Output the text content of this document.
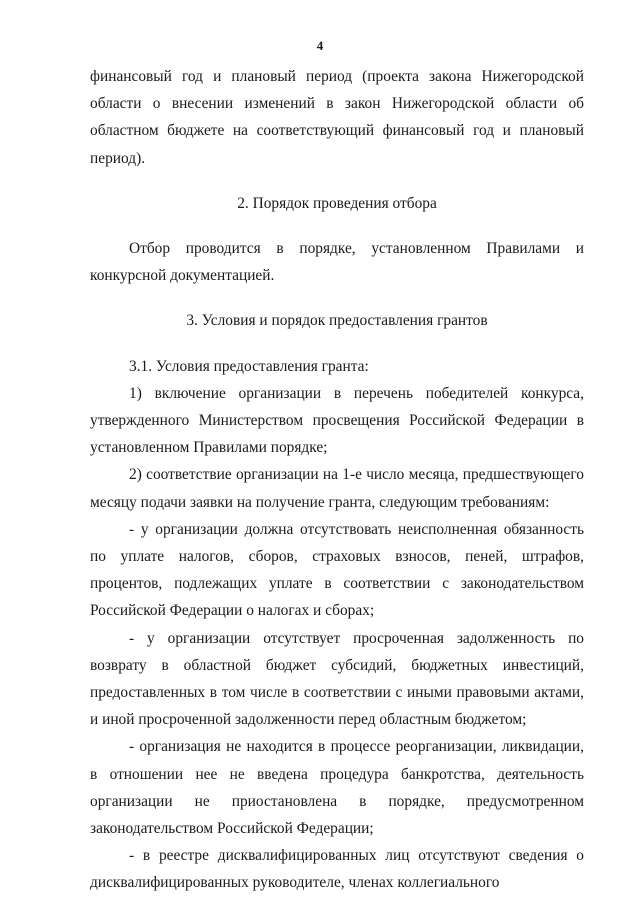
4

финансовый год и плановый период (проекта закона Нижегородской области о внесении изменений в закон Нижегородской области об областном бюджете на соответствующий финансовый год и плановый период).

2. Порядок проведения отбора

Отбор проводится в порядке, установленном Правилами и конкурсной документацией.

3. Условия и порядок предоставления грантов

3.1. Условия предоставления гранта:

1) включение организации в перечень победителей конкурса, утвержденного Министерством просвещения Российской Федерации в установленном Правилами порядке;

2) соответствие организации на 1-е число месяца, предшествующего месяцу подачи заявки на получение гранта, следующим требованиям:

- у организации должна отсутствовать неисполненная обязанность по уплате налогов, сборов, страховых взносов, пеней, штрафов, процентов, подлежащих уплате в соответствии с законодательством Российской Федерации о налогах и сборах;

- у организации отсутствует просроченная задолженность по возврату в областной бюджет субсидий, бюджетных инвестиций, предоставленных в том числе в соответствии с иными правовыми актами, и иной просроченной задолженности перед областным бюджетом;

- организация не находится в процессе реорганизации, ликвидации, в отношении нее не введена процедура банкротства, деятельность организации не приостановлена в порядке, предусмотренном законодательством Российской Федерации;

- в реестре дисквалифицированных лиц отсутствуют сведения о дисквалифицированных руководителе, членах коллегиального
